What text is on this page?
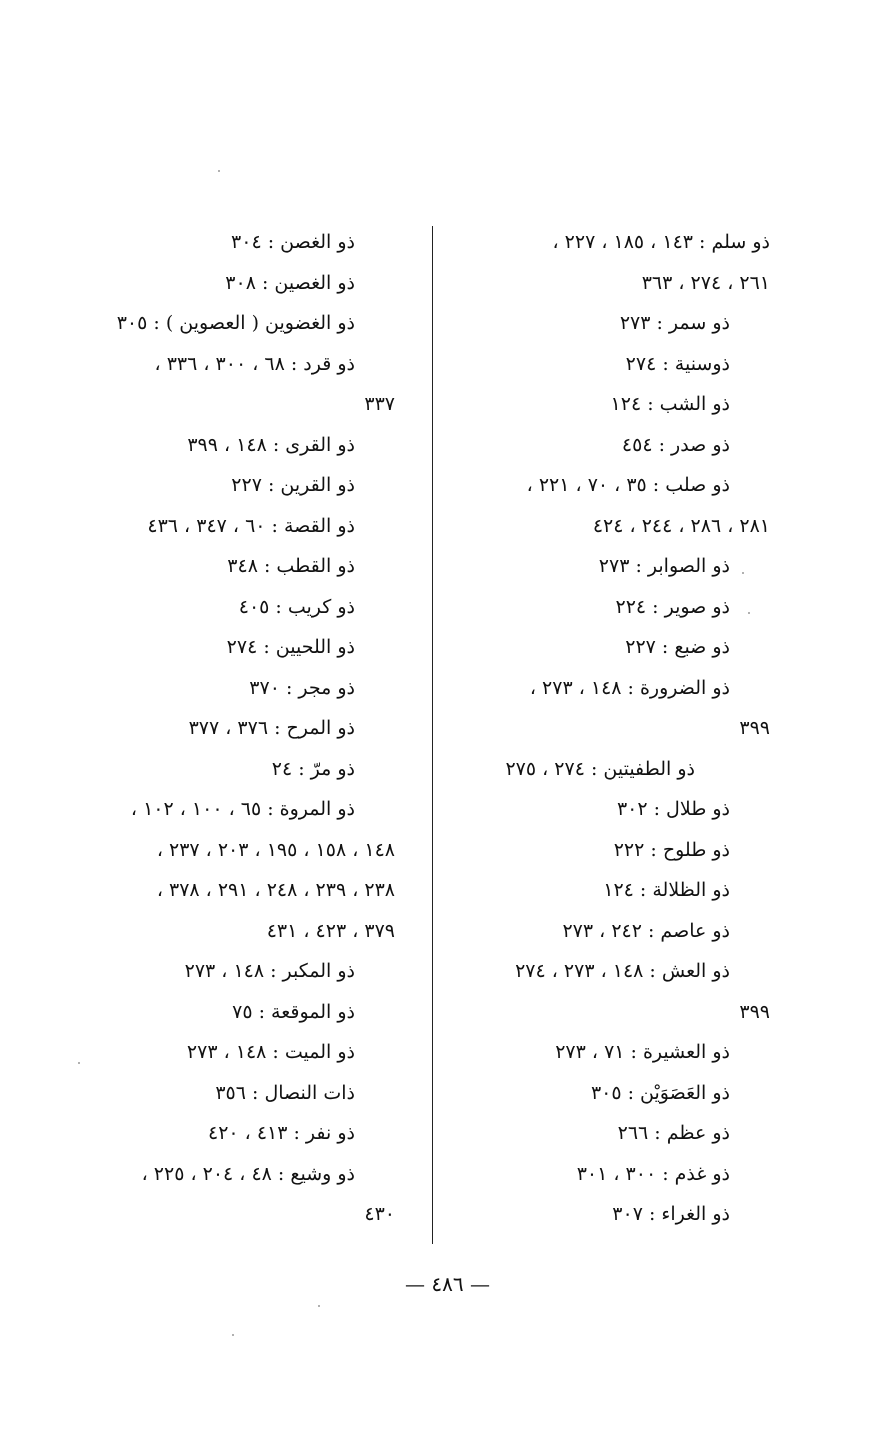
ذو سلم : ١٤٣ ، ١٨٥ ، ٢٢٧ ،
٢٦١ ، ٢٧٤ ، ٣٦٣
ذو سمر : ٢٧٣
ذوسنية : ٢٧٤
ذو الشب : ١٢٤
ذو صدر : ٤٥٤
ذو صلب : ٣٥ ، ٧٠ ، ٢٢١ ،
٢٨١ ، ٢٨٦ ، ٢٤٤ ، ٤٢٤
ذو الصوابر : ٢٧٣
ذو صوير : ٢٢٤
ذو ضبع : ٢٢٧
ذو الضرورة : ١٤٨ ، ٢٧٣ ،
٣٩٩
ذو الطفيتين : ٢٧٤ ، ٢٧٥
ذو طلال : ٣٠٢
ذو طلوح : ٢٢٢
ذو الظلالة : ١٢٤
ذو عاصم : ٢٤٢ ، ٢٧٣
ذو العش : ١٤٨ ، ٢٧٣ ، ٢٧٤
٣٩٩
ذو العشيرة : ٧١ ، ٢٧٣
ذو العَصَوَيْن : ٣٠٥
ذو عظم : ٢٦٦
ذو غذم : ٣٠٠ ، ٣٠١
ذو الغراء : ٣٠٧
ذو الغصن : ٣٠٤
ذو الغصين : ٣٠٨
ذو الغضوين ( العصوين ) : ٣٠٥
ذو قرد : ٦٨ ، ٣٠٠ ، ٣٣٦ ،
٣٣٧
ذو القرى : ١٤٨ ، ٣٩٩
ذو القرين : ٢٢٧
ذو القصة : ٦٠ ، ٣٤٧ ، ٤٣٦
ذو القطب : ٣٤٨
ذو كريب : ٤٠٥
ذو اللحيين : ٢٧٤
ذو مجر : ٣٧٠
ذو المرح : ٣٧٦ ، ٣٧٧
ذو مرّ : ٢٤
ذو المروة : ٦٥ ، ١٠٠ ، ١٠٢ ،
١٤٨ ، ١٥٨ ، ١٩٥ ، ٢٠٣ ، ٢٣٧ ،
٢٣٨ ، ٢٣٩ ، ٢٤٨ ، ٢٩١ ، ٣٧٨ ،
٣٧٩ ، ٤٢٣ ، ٤٣١
ذو المكبر : ١٤٨ ، ٢٧٣
ذو الموقعة : ٧٥
ذو الميت : ١٤٨ ، ٢٧٣
ذات النصال : ٣٥٦
ذو نفر : ٤١٣ ، ٤٢٠
ذو وشيع : ٤٨ ، ٢٠٤ ، ٢٢٥ ،
٤٣٠
— ٤٨٦ —
